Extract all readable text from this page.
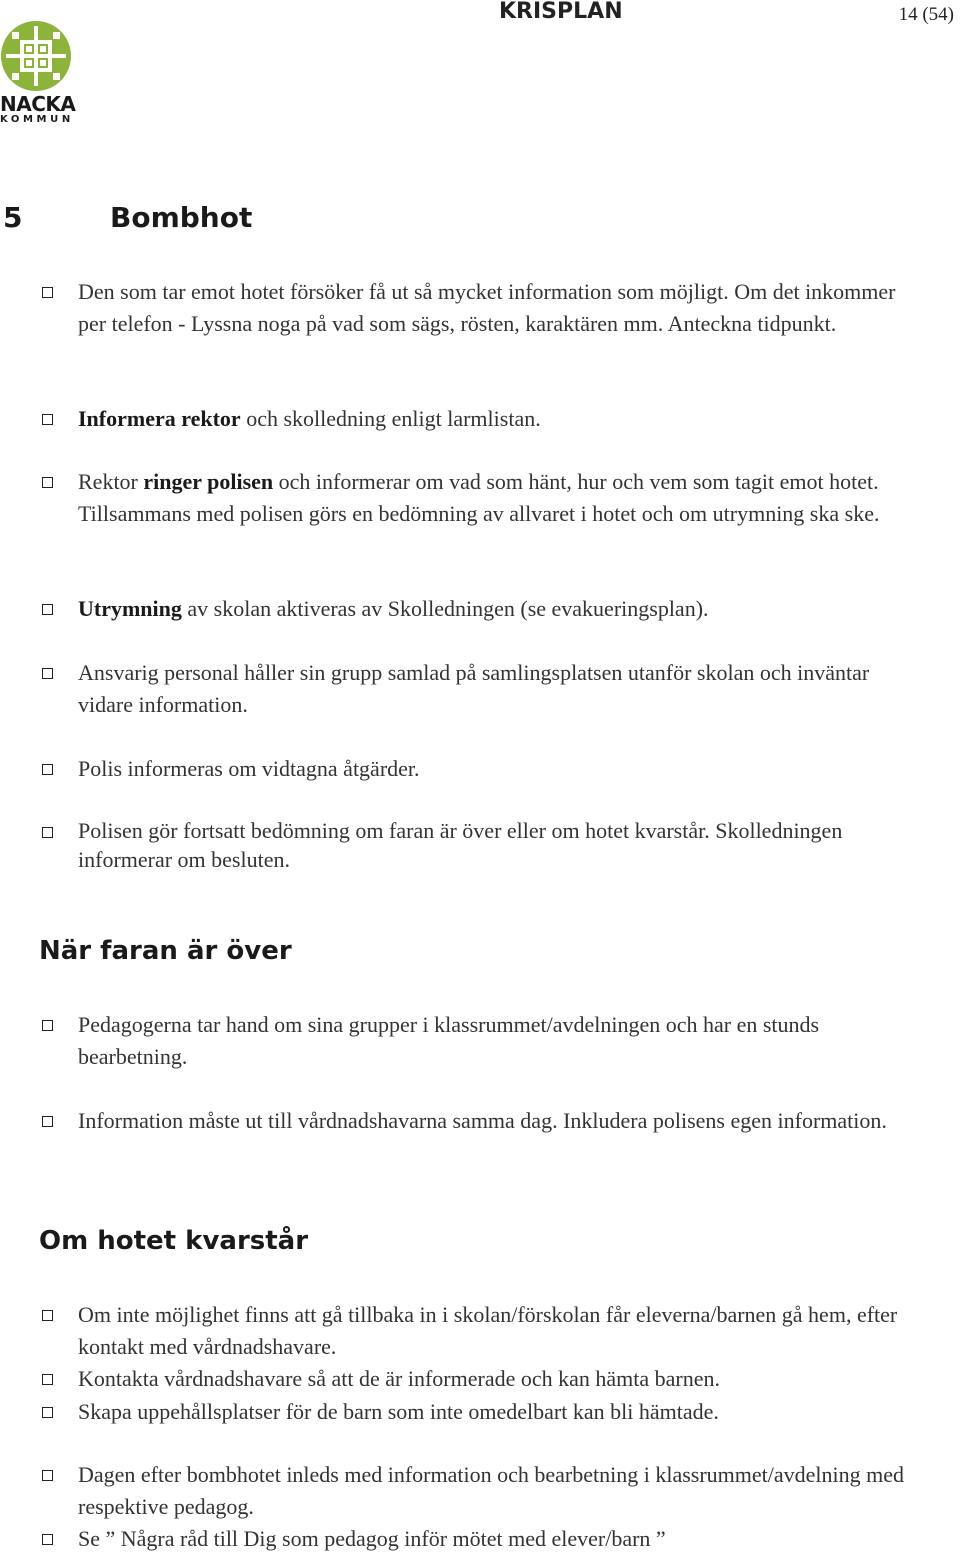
NACKA
KOMMUN
KRISPLAN	14 (54)
5	Bombhot
Den som tar emot hotet försöker få ut så mycket information som möjligt. Om det inkommer per telefon - Lyssna noga på vad som sägs, rösten, karaktären mm. Anteckna tidpunkt.
Informera rektor och skolledning enligt larmlistan.
Rektor ringer polisen och informerar om vad som hänt, hur och vem som tagit emot hotet. Tillsammans med polisen görs en bedömning av allvaret i hotet och om utrymning ska ske.
Utrymning av skolan aktiveras av Skolledningen (se evakueringsplan).
Ansvarig personal håller sin grupp samlad på samlingsplatsen utanför skolan och inväntar vidare information.
Polis informeras om vidtagna åtgärder.
Polisen gör fortsatt bedömning om faran är över eller om hotet kvarstår. Skolledningen informerar om besluten.
När faran är över
Pedagogerna tar hand om sina grupper i klassrummet/avdelningen och har en stunds bearbetning.
Information måste ut till vårdnadshavarna samma dag. Inkludera polisens egen information.
Om hotet kvarstår
Om inte möjlighet finns att gå tillbaka in i skolan/förskolan får eleverna/barnen gå hem, efter kontakt med vårdnadshavare.
Kontakta vårdnadshavare så att de är informerade och kan hämta barnen.
Skapa uppehållsplatser för de barn som inte omedelbart kan bli hämtade.
Dagen efter bombhotet inleds med information och bearbetning i klassrummet/avdelning med respektive pedagog.
Se ” Några råd till Dig som pedagog inför mötet med elever/barn ”
